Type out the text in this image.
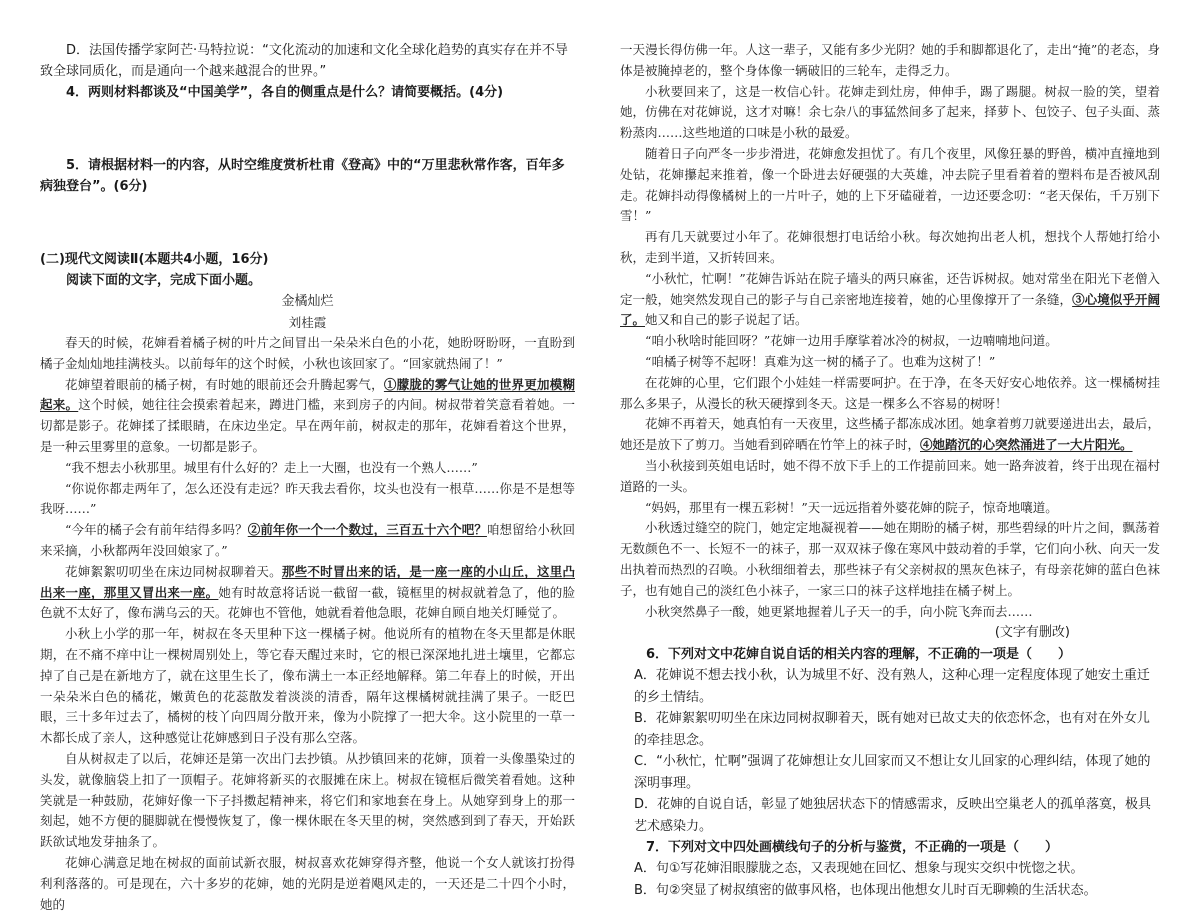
D．法国传播学家阿芒·马特拉说：“文化流动的加速和文化全球化趋势的真实存在并不导致全球同质化，而是通向一个越来越混合的世界。”

4．两则材料都谈及“中国美学”，各自的侧重点是什么？请简要概括。(4分)

5．请根据材料一的内容，从时空维度赏析杜甫《登高》中的“万里悲秋常作客，百年多病独登台”。(6分)

(二)现代文阅读Ⅱ(本题共4小题，16分)

阅读下面的文字，完成下面小题。

金橘灿烂

刘桂霞

春天的时候，花婶看着橘子树的叶片之间冒出一朵朵米白色的小花，她盼呀盼呀，一直盼到橘子金灿灿地挂满枝头。以前每年的这个时候，小秋也该回家了。“回家就热闹了！”

花婶望着眼前的橘子树，有时她的眼前还会升腾起雾气，①朦胧的雾气让她的世界更加模糊起来。这个时候，她往往会摸索着起来，蹲进门槛，来到房子的内间。树叔带着笑意看着她。一切都是影子。花婶揉了揉眼睛，在床边坐定。早在两年前，树叔走的那年，花婶看着这个世界，是一种云里雾里的意象。一切都是影子。

“我不想去小秋那里。城里有什么好的？走上一大圈，也没有一个熟人……”

“你说你都走两年了，怎么还没有走远？昨天我去看你，坟头也没有一根草……你是不是想等我呀……”

“今年的橘子会有前年结得多吗？②前年你一个一个数过，三百五十六个吧？咱想留给小秋回来采摘，小秋都两年没回娘家了。”

花婶絮絮叨叨坐在床边同树叔聊着天。那些不时冒出来的话，是一座一座的小山丘，这里凸出来一座，那里又冒出来一座。她有时故意将话说一截留一截，镜框里的树叔就着急了，他的脸色就不太好了，像布满乌云的天。花婶也不管他，她就看着他急眼，花婶自顾自地关灯睡觉了。

小秋上小学的那一年，树叔在冬天里种下这一棵橘子树。他说所有的植物在冬天里都是休眠期，在不痛不痒中让一棵树周别处上，等它春天醒过来时，它的根已深深地扎进土壤里，它都忘掉了自己是在新地方了，就在这里生长了，像布满土一本正经地解释。第二年春上的时候，开出一朵朵米白色的橘花，嫩黄色的花蕊散发着淡淡的清香，隔年这棵橘树就挂满了果子。一眨巴眼，三十多年过去了，橘树的枝丫向四周分散开来，像为小院撑了一把大伞。这小院里的一草一木都长成了亲人，这种感觉让花婶感到日子没有那么空落。

自从树叔走了以后，花婶还是第一次出门去抄镇。从抄镇回来的花婶，顶着一头像墨染过的头发，就像脑袋上扣了一顶帽子。花婶将新买的衣服摊在床上。树叔在镜框后微笑着看她。这种笑就是一种鼓励，花婶好像一下子抖擞起精神来，将它们和家地套在身上。从她穿到身上的那一刻起，她不方便的腿脚就在慢慢恢复了，像一棵休眠在冬天里的树，突然感到到了春天，开始跃跃欲试地发芽抽条了。

花婶心满意足地在树叔的面前试新衣服，树叔喜欢花婶穿得齐整，他说一个女人就该打扮得利利落落的。可是现在，六十多岁的花婶，她的光阴是逆着飓风走的，一天还是二十四个小时，她的

一天漫长得仿佛一年。人这一辈子，又能有多少光阴？她的手和脚都退化了，走出“掩”的老态，身体是被腌掉老的，整个身体像一辆破旧的三轮车，走得乏力。

小秋要回来了，这是一枚信心针。花婶走到灶房，伸伸手，踢了踢腿。树叔一脸的笑，望着她，仿佛在对花婶说，这才对嘛！余七杂八的事猛然间多了起来，择萝卜、包饺子、包子头面、蒸粉蒸肉……这些地道的口味是小秋的最爱。

随着日子向严冬一步步滑进，花婶愈发担忧了。有几个夜里，风像狂暴的野兽，横冲直撞地到处钻，花婶攥起来推着，像一个卧进去好硬强的大英雄，冲去院子里看着着的塑料布是否被风刮走。花婶抖动得像橘树上的一片叶子，她的上下牙磕碰着，一边还要念叨：“老天保佑，千万别下雪！”

再有几天就要过小年了。花婶很想打电话给小秋。每次她拘出老人机，想找个人帮她打给小秋，走到半道，又折转回来。

“小秋忙，忙啊！”花婶告诉站在院子墙头的两只麻雀，还告诉树叔。她对常坐在阳光下老僧入定一般，她突然发现自己的影子与自己亲密地连接着，她的心里像撑开了一条缝，③心境似乎开阔了。她又和自己的影子说起了话。

“咱小秋啥时能回呀？”花婶一边用手摩挲着冰冷的树叔，一边喃喃地问道。

“咱橘子树等不起呀！真难为这一树的橘子了。也难为这树了！”

在花婶的心里，它们跟个小娃娃一样需要呵护。在于净，在冬天好安心地依养。这一棵橘树挂那么多果子，从漫长的秋天硬撑到冬天。这是一棵多么不容易的树呀！

花婶不再着天，她真怕有一天夜里，这些橘子都冻成冰团。她拿着剪刀就要递进出去，最后，她还是放下了剪刀。当她看到碎晒在竹竿上的袜子时，④她踏沉的心突然涌进了一大片阳光。

当小秋接到英姐电话时，她不得不放下手上的工作提前回来。她一路奔波着，终于出现在福村道路的一头。

“妈妈，那里有一棵五彩树！”天一远远指着外婆花婶的院子，惊奇地嚷道。

小秋透过缝空的院门，她定定地凝视着——她在期盼的橘子树，那些碧绿的叶片之间，飘荡着无数颜色不一、长短不一的袜子，那一双双袜子像在寒风中鼓动着的手掌，它们向小秋、向天一发出执着而热烈的召唤。小秋细细着去，那些袜子有父亲树叔的黑灰色袜子，有母亲花婶的蓝白色袜子，也有她自己的淡红色小袜子，一家三口的袜子这样地挂在橘子树上。

小秋突然鼻子一酸，她更紧地握着儿子天一的手，向小院飞奔而去……

(文字有删改)

6．下列对文中花婶自说自话的相关内容的理解，不正确的一项是（　　）

A．花婶说不想去找小秋，认为城里不好、没有熟人，这种心理一定程度体现了她安土重迁的乡土情结。

B．花婶絮絮叨叨坐在床边同树叔聊着天，既有她对已故丈夫的依恋怀念，也有对在外女儿的牵挂思念。

C．“小秋忙，忙啊”强调了花婶想让女儿回家而又不想让女儿回家的心理纠结，体现了她的深明事理。

D．花婶的自说自话，彰显了她独居状态下的情感需求，反映出空巢老人的孤单落寞，极具艺术感染力。

7．下列对文中四处画横线句子的分析与鉴赏，不正确的一项是（　　）

A．句①写花婶泪眼朦胧之态，又表现她在回忆、想象与现实交织中恍惚之状。

B．句②突显了树叔缜密的做事风格，也体现出他想女儿时百无聊赖的生活状态。
